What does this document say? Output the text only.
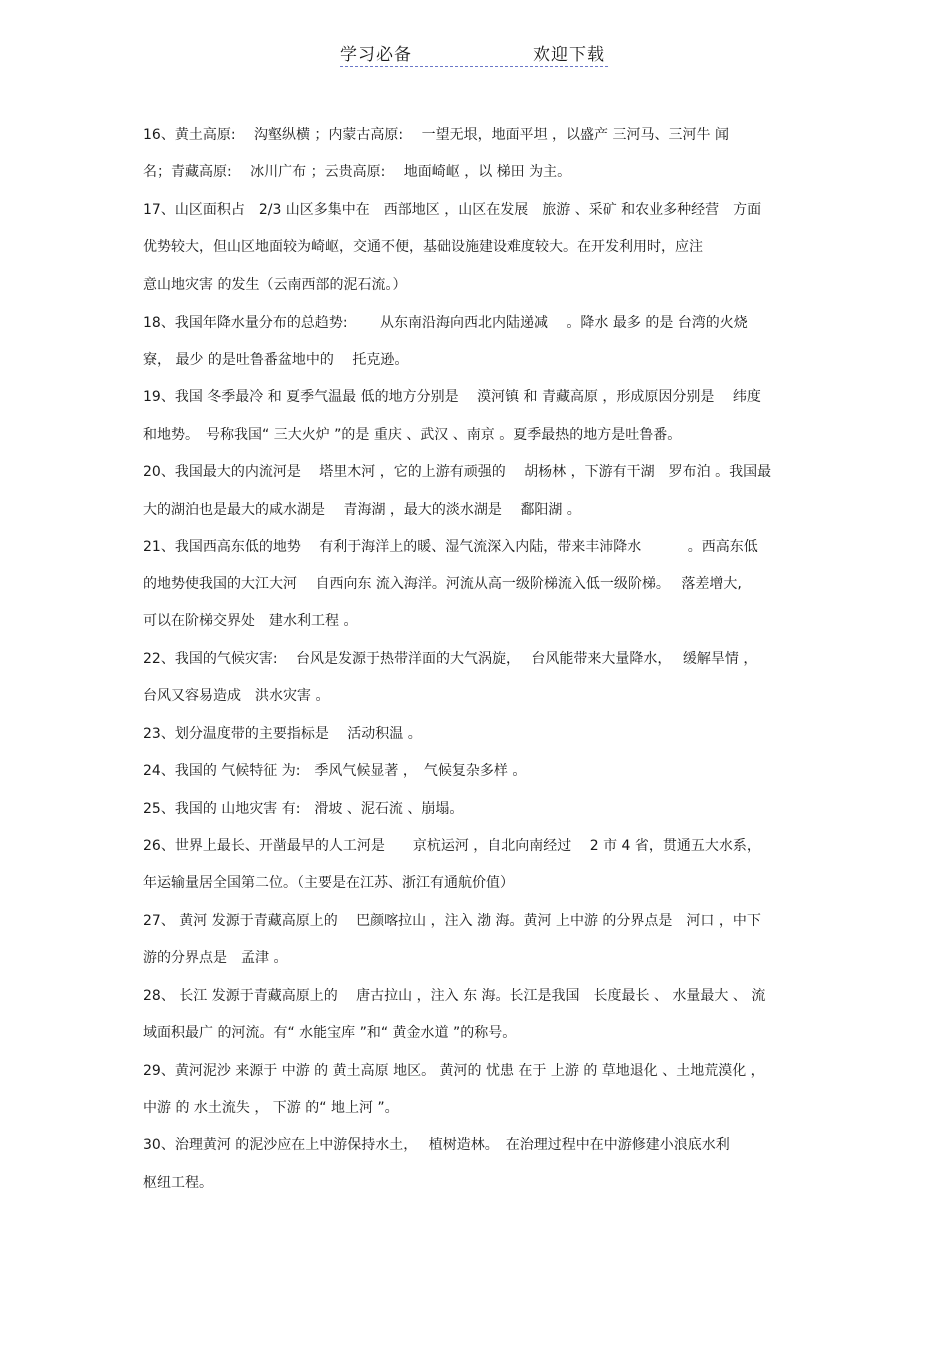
学习必备	欢迎下载
16、黄土高原:　 沟壑纵横 ；内蒙古高原:　 一望无垠，地面平坦 ，以盛产 三河马、三河牛 闻
名；青藏高原:　 冰川广布 ；云贵高原:　 地面崎岖 ，以 梯田 为主。
17、山区面积占　2/3 山区多集中在　西部地区 ，山区在发展　旅游 、采矿 和农业多种经营　方面
优势较大，但山区地面较为崎岖，交通不便，基础设施建设难度较大。在开发利用时，应注
意山地灾害 的发生（云南西部的泥石流。）
18、我国年降水量分布的总趋势:　　 从东南沿海向西北内陆递减　 。降水 最多 的是 台湾的火烧
寮， 最少 的是吐鲁番盆地中的　 托克逊。
19、我国 冬季最冷 和 夏季气温最 低的地方分别是　 漠河镇 和 青藏高原 ，形成原因分别是　 纬度
和地势。　号称我国“ 三大火炉 ”的是 重庆 、武汉 、南京 。夏季最热的地方是吐鲁番。
20、我国最大的内流河是　 塔里木河 ，它的上游有顽强的　 胡杨林 ，下游有干湖　罗布泊 。我国最
大的湖泊也是最大的咸水湖是　 青海湖 ，最大的淡水湖是　 鄱阳湖 。
21、我国西高东低的地势　 有利于海洋上的暖、湿气流深入内陆，带来丰沛降水　　　 。西高东低
的地势使我国的大江大河　 自西向东 流入海洋。河流从高一级阶梯流入低一级阶梯。　 落差增大,
可以在阶梯交界处　建水利工程 。
22、我国的气候灾害:　 台风是发源于热带洋面的大气涡旋，　 台风能带来大量降水，　 缓解旱情 ，
台风又容易造成　洪水灾害 。
23、划分温度带的主要指标是　 活动积温 。
24、我国的 气候特征 为:　季风气候显著 ，　气候复杂多样 。
25、我国的 山地灾害 有:　滑坡 、泥石流 、崩塌。
26、世界上最长、开凿最早的人工河是　　京杭运河 ，自北向南经过　 2 市 4 省，贯通五大水系，
年运输量居全国第二位。（主要是在江苏、浙江有通航价值）
27、 黄河 发源于青藏高原上的　 巴颜喀拉山 ，注入 渤 海。黄河 上中游 的分界点是　河口 ，中下
游的分界点是　孟津 。
28、 长江 发源于青藏高原上的　 唐古拉山 ，注入 东 海。长江是我国　长度最长 、 水量最大 、 流
域面积最广 的河流。有“ 水能宝库 ”和“ 黄金水道 ”的称号。
29、黄河泥沙 来源于 中游 的 黄土高原 地区。 黄河的 忧患 在于 上游 的 草地退化 、土地荒漠化 ，
中游 的 水土流失 ， 下游 的“ 地上河 ”。
30、治理黄河 的泥沙应在上中游保持水土，　 植树造林。　在治理过程中在中游修建小浪底水利
枢纽工程。
